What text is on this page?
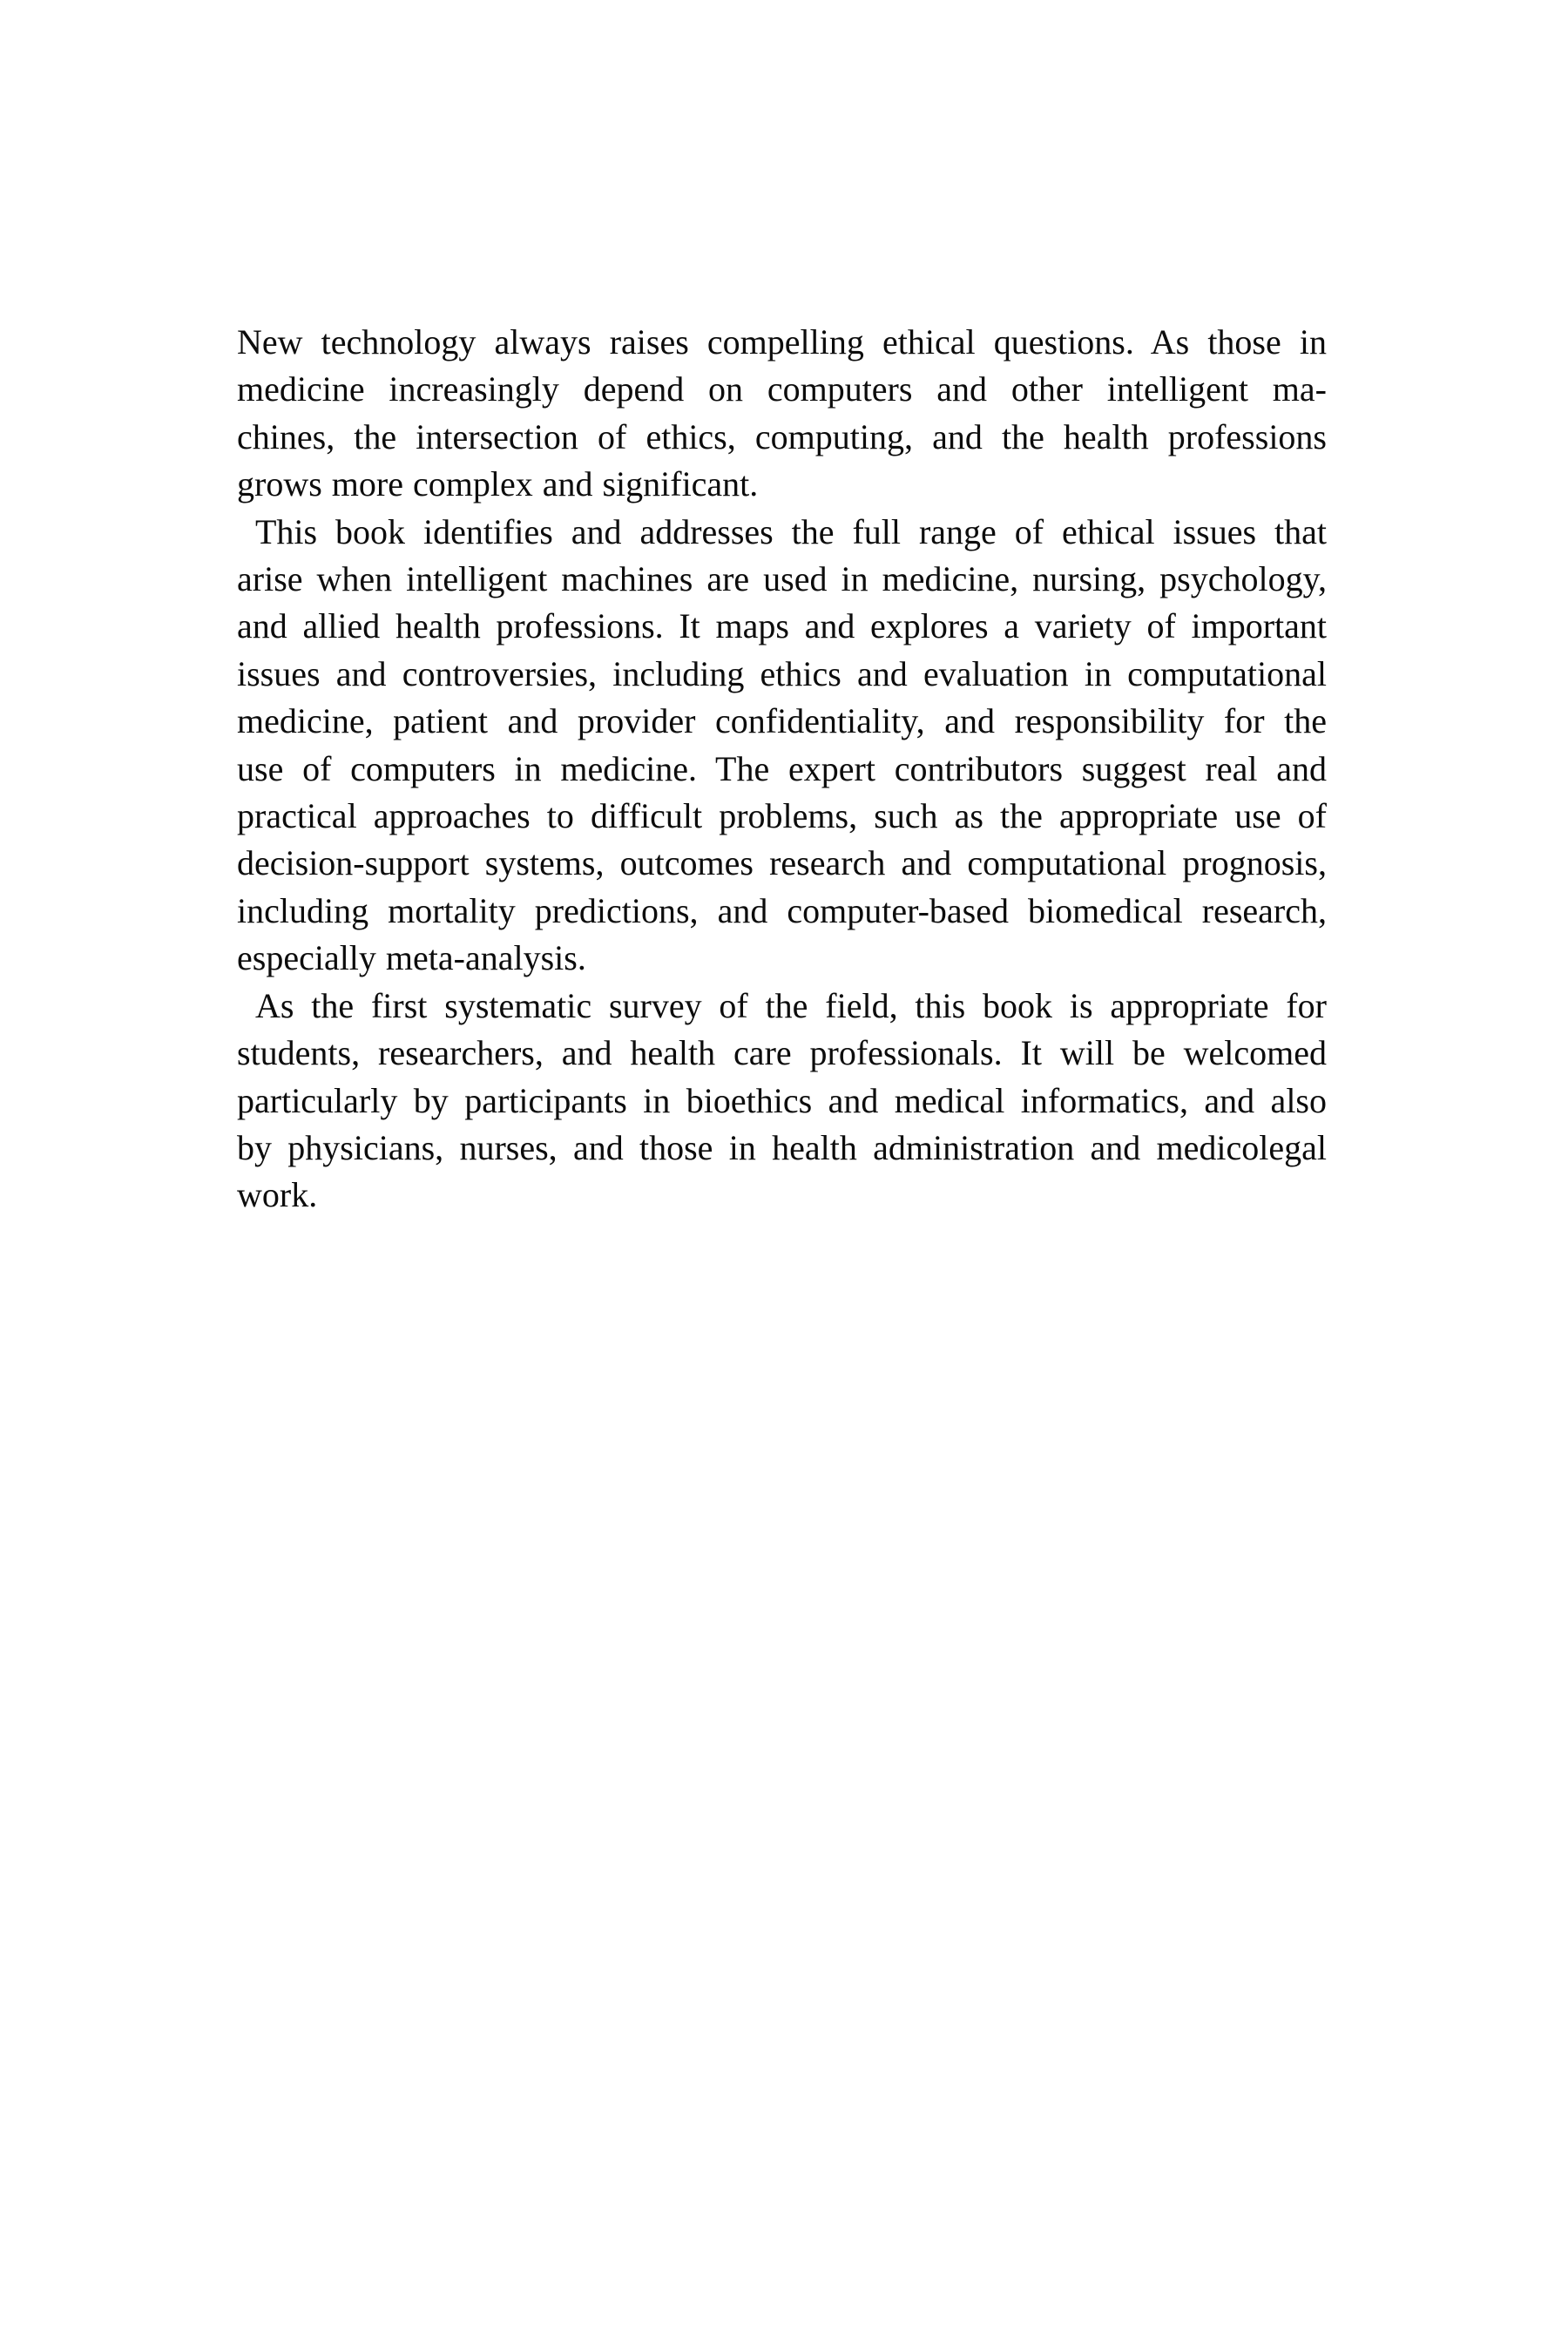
New technology always raises compelling ethical questions. As those in
medicine increasingly depend on computers and other intelligent ma-
chines, the intersection of ethics, computing, and the health professions
grows more complex and significant.
This book identifies and addresses the full range of ethical issues that
arise when intelligent machines are used in medicine, nursing, psychology,
and allied health professions. It maps and explores a variety of important
issues and controversies, including ethics and evaluation in computational
medicine, patient and provider confidentiality, and responsibility for the
use of computers in medicine. The expert contributors suggest real and
practical approaches to difficult problems, such as the appropriate use of
decision-support systems, outcomes research and computational prognosis,
including mortality predictions, and computer-based biomedical research,
especially meta-analysis.
As the first systematic survey of the field, this book is appropriate for
students, researchers, and health care professionals. It will be welcomed
particularly by participants in bioethics and medical informatics, and also
by physicians, nurses, and those in health administration and medicolegal
work.
